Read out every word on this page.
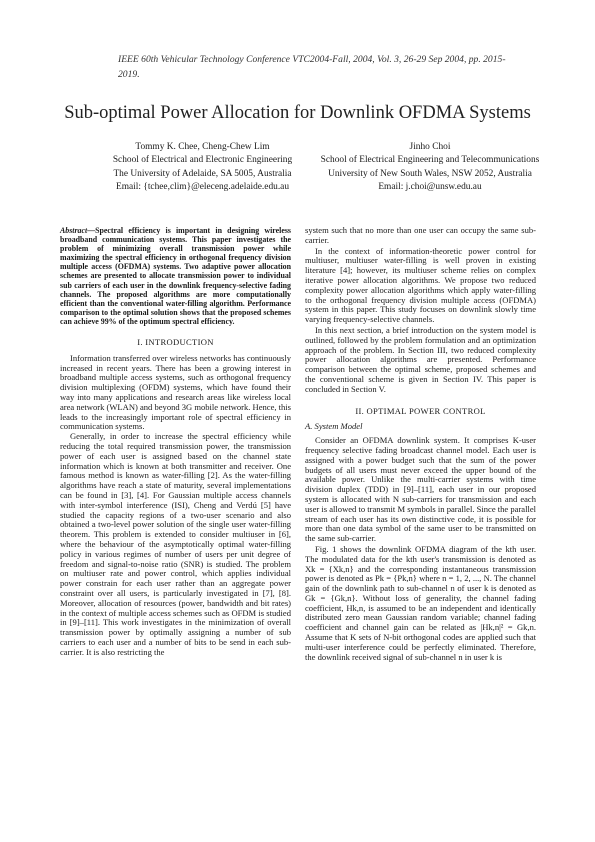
IEEE 60th Vehicular Technology Conference VTC2004-Fall, 2004, Vol. 3, 26-29 Sep 2004, pp. 2015-2019.
Sub-optimal Power Allocation for Downlink OFDMA Systems
Tommy K. Chee, Cheng-Chew Lim
School of Electrical and Electronic Engineering
The University of Adelaide, SA 5005, Australia
Email: {tchee,clim}@eleceng.adelaide.edu.au
Jinho Choi
School of Electrical Engineering and Telecommunications
University of New South Wales, NSW 2052, Australia
Email: j.choi@unsw.edu.au
Abstract—Spectral efficiency is important in designing wireless broadband communication systems. This paper investigates the problem of minimizing overall transmission power while maximizing the spectral efficiency in orthogonal frequency division multiple access (OFDMA) systems. Two adaptive power allocation schemes are presented to allocate transmission power to individual sub carriers of each user in the downlink frequency-selective fading channels. The proposed algorithms are more computationally efficient than the conventional water-filling algorithm. Performance comparison to the optimal solution shows that the proposed schemes can achieve 99% of the optimum spectral efficiency.
I. INTRODUCTION

Information transferred over wireless networks has continuously increased in recent years. There has been a growing interest in broadband multiple access systems, such as orthogonal frequency division multiplexing (OFDM) systems, which have found their way into many applications and research areas like wireless local area network (WLAN) and beyond 3G mobile network. Hence, this leads to the increasingly important role of spectral efficiency in communication systems.

Generally, in order to increase the spectral efficiency while reducing the total required transmission power, the transmission power of each user is assigned based on the channel state information which is known at both transmitter and receiver. One famous method is known as water-filling [2]. As the water-filling algorithms have reach a state of maturity, several implementations can be found in [3], [4]. For Gaussian multiple access channels with inter-symbol interference (ISI), Cheng and Verdú [5] have studied the capacity regions of a two-user scenario and also obtained a two-level power solution of the single user water-filling theorem. This problem is extended to consider multiuser in [6], where the behaviour of the asymptotically optimal water-filling policy in various regimes of number of users per unit degree of freedom and signal-to-noise ratio (SNR) is studied. The problem on multiuser rate and power control, which applies individual power constrain for each user rather than an aggregate power constraint over all users, is particularly investigated in [7], [8]. Moreover, allocation of resources (power, bandwidth and bit rates) in the context of multiple access schemes such as OFDM is studied in [9]–[11]. This work investigates in the minimization of overall transmission power by optimally assigning a number of sub carriers to each user and a number of bits to be send in each sub-carrier. It is also restricting the

system such that no more than one user can occupy the same sub-carrier.

In the context of information-theoretic power control for multiuser, multiuser water-filling is well proven in existing literature [4]; however, its multiuser scheme relies on complex iterative power allocation algorithms. We propose two reduced complexity power allocation algorithms which apply water-filling to the orthogonal frequency division multiple access (OFDMA) system in this paper. This study focuses on downlink slowly time varying frequency-selective channels.

In this next section, a brief introduction on the system model is outlined, followed by the problem formulation and an optimization approach of the problem. In Section III, two reduced complexity power allocation algorithms are presented. Performance comparison between the optimal scheme, proposed schemes and the conventional scheme is given in Section IV. This paper is concluded in Section V.

II. OPTIMAL POWER CONTROL
A. System Model

Consider an OFDMA downlink system. It comprises K-user frequency selective fading broadcast channel model. Each user is assigned with a power budget such that the sum of the power budgets of all users must never exceed the upper bound of the available power. Unlike the multi-carrier systems with time division duplex (TDD) in [9]–[11], each user in our proposed system is allocated with N sub-carriers for transmission and each user is allowed to transmit M symbols in parallel. Since the parallel stream of each user has its own distinctive code, it is possible for more than one data symbol of the same user to be transmitted on the same sub-carrier.

Fig. 1 shows the downlink OFDMA diagram of the kth user. The modulated data for the kth user's transmission is denoted as Xk = {Xk,n} and the corresponding instantaneous transmission power is denoted as Pk = {Pk,n} where n = 1, 2, ..., N. The channel gain of the downlink path to sub-channel n of user k is denoted as Gk = {Gk,n}. Without loss of generality, the channel fading coefficient, Hk,n, is assumed to be an independent and identically distributed zero mean Gaussian random variable; channel fading coefficient and channel gain can be related as |Hk,n|² = Gk,n. Assume that K sets of N-bit orthogonal codes are applied such that multi-user interference could be perfectly eliminated. Therefore, the downlink received signal of sub-channel n in user k is
